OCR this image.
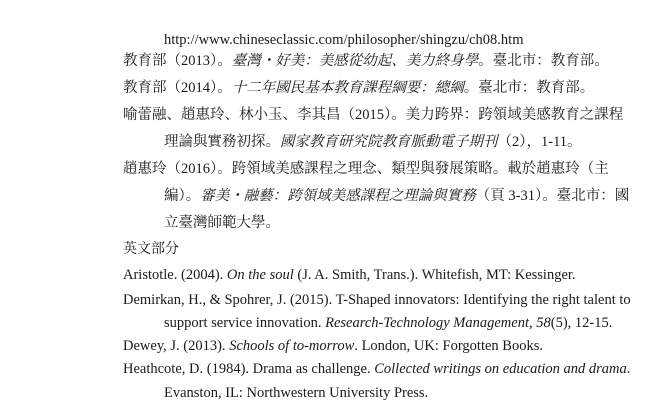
http://www.chineseclassic.com/philosopher/shingzu/ch08.htm
教育部（2013）。臺灣・好美：美感從幼起、美力終身學。臺北市：教育部。
教育部（2014）。十二年國民基本教育課程綱要：總綱。臺北市：教育部。
喻蕾融、趙惠玲、林小玉、李其昌（2015）。美力跨界：跨領域美感教育之課程
理論與實務初探。國家教育研究院教育脈動電子期刊（2），1-11。
趙惠玲（2016）。跨領域美感課程之理念、類型與發展策略。載於趙惠玲（主
編）。審美・融藝：跨領域美感課程之理論與實務（頁 3-31）。臺北市：國
立臺灣師範大學。
英文部分
Aristotle. (2004). On the soul (J. A. Smith, Trans.). Whitefish, MT: Kessinger.
Demirkan, H., & Spohrer, J. (2015). T-Shaped innovators: Identifying the right talent to
support service innovation. Research-Technology Management, 58(5), 12-15.
Dewey, J. (2013). Schools of to-morrow. London, UK: Forgotten Books.
Heathcote, D. (1984). Drama as challenge. Collected writings on education and drama.
Evanston, IL: Northwestern University Press.
